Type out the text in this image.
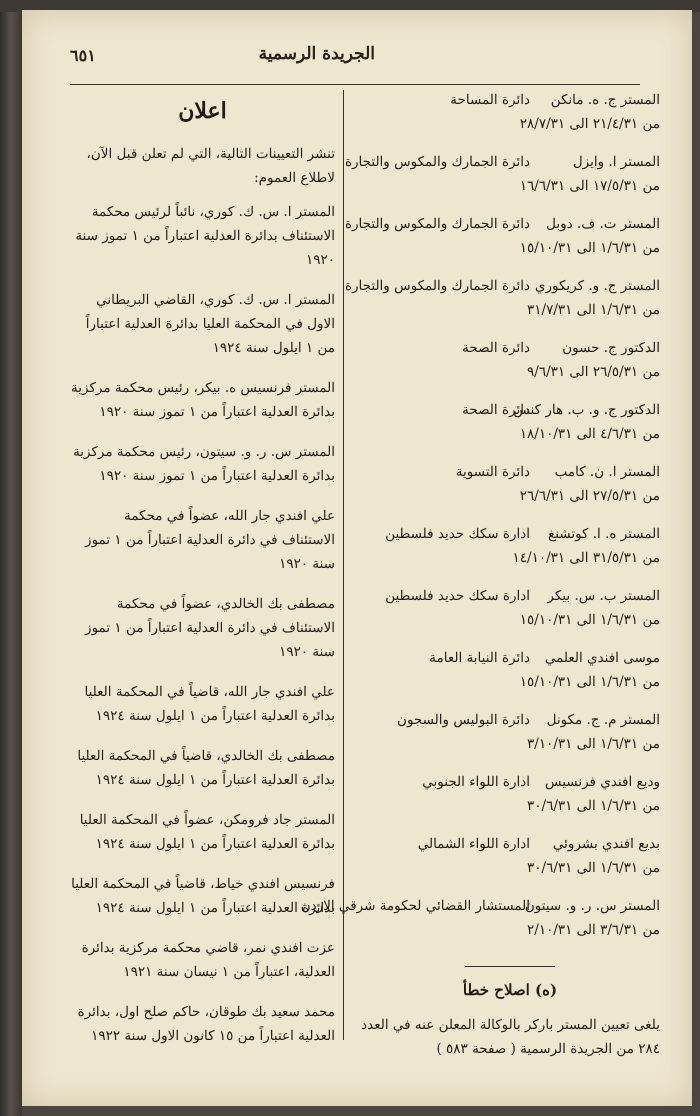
الجريدة الرسمية
٦٥١
المستر ج. ه. مانكن
دائرة المساحة
من ٢١/٤/٣١ الى ٢٨/٧/٣١
المستر ا. وايزل
دائرة الجمارك والمكوس والتجارة
من ١٧/٥/٣١ الى ١٦/٦/٣١
المستر ت. ف. دوبل
دائرة الجمارك والمكوس والتجارة
من ١/٦/٣١ الى ١٥/١٠/٣١
المستر ج. و. كريكوري
دائرة الجمارك والمكوس والتجارة
من ١/٦/٣١ الى ٣١/٧/٣١
الدكتور ج. حسون
دائرة الصحة
من ٢٦/٥/٣١ الى ٩/٦/٣١
الدكتور ج. و. ب. هار كنس
دائرة الصحة
من ٤/٦/٣١ الى ١٨/١٠/٣١
المستر ا. ن. كامب
دائرة التسوية
من ٢٧/٥/٣١ الى ٢٦/٦/٣١
المستر ه. ا. كوتشنغ
ادارة سكك حديد فلسطين
من ٣١/٥/٣١ الى ١٤/١٠/٣١
المستر ب. س. بيكر
ادارة سكك حديد فلسطين
من ١/٦/٣١ الى ١٥/١٠/٣١
موسى افندي العلمي
دائرة النيابة العامة
من ١/٦/٣١ الى ١٥/١٠/٣١
المستر م. ج. مكونل
دائرة البوليس والسجون
من ١/٦/٣١ الى ٣/١٠/٣١
وديع افندي فرنسيس
ادارة اللواء الجنوبي
من ١/٦/٣١ الى ٣٠/٦/٣١
بديع افندي بشروئي
ادارة اللواء الشمالي
من ١/٦/٣١ الى ٣٠/٦/٣١
المستر س. ر. و. سيتون
المستشار القضائي لحكومة شرقي الاردن
من ٣/٦/٣١ الى ٢/١٠/٣١
(ه) اصلاح خطأ
يلغى تعيين المستر باركر بالوكالة المعلن عنه في العدد ٢٨٤ من الجريدة الرسمية ( صفحة ٥٨٣ )
اعلان
تنشر التعيينات التالية، التي لم تعلن قبل الآن، لاطلاع العموم:
المستر ا. س. ك. كوري، نائباً لرئيس محكمة الاستئناف بدائرة العدلية اعتباراً من ١ تموز سنة ١٩٢٠
المستر ا. س. ك. كوري، القاضي البريطاني الاول في المحكمة العليا بدائرة العدلية اعتباراً من ١ ايلول سنة ١٩٢٤
المستر فرنسيس ه. بيكر، رئيس محكمة مركزية بدائرة العدلية اعتباراً من ١ تموز سنة ١٩٢٠
المستر س. ر. و. سيتون، رئيس محكمة مركزية بدائرة العدلية اعتباراً من ١ تموز سنة ١٩٢٠
علي افندي جار الله، عضواً في محكمة الاستئناف في دائرة العدلية اعتباراً من ١ تموز سنة ١٩٢٠
مصطفى بك الخالدي، عضواً في محكمة الاستئناف في دائرة العدلية اعتباراً من ١ تموز سنة ١٩٢٠
علي افندي جار الله، قاضياً في المحكمة العليا بدائرة العدلية اعتباراً من ١ ايلول سنة ١٩٢٤
مصطفى بك الخالدي، قاضياً في المحكمة العليا بدائرة العدلية اعتباراً من ١ ايلول سنة ١٩٢٤
المستر جاد فرومكن، عضواً في المحكمة العليا بدائرة العدلية اعتباراً من ١ ايلول سنة ١٩٢٤
فرنسيس افندي خياط، قاضياً في المحكمة العليا بدائرة العدلية اعتباراً من ١ ايلول سنة ١٩٢٤
عزت افندي نمر، قاضي محكمة مركزية بدائرة العدلية، اعتباراً من ١ نيسان سنة ١٩٢١
محمد سعيد بك طوقان، حاكم صلح اول، بدائرة العدلية اعتباراً من ١٥ كانون الاول سنة ١٩٢٢
